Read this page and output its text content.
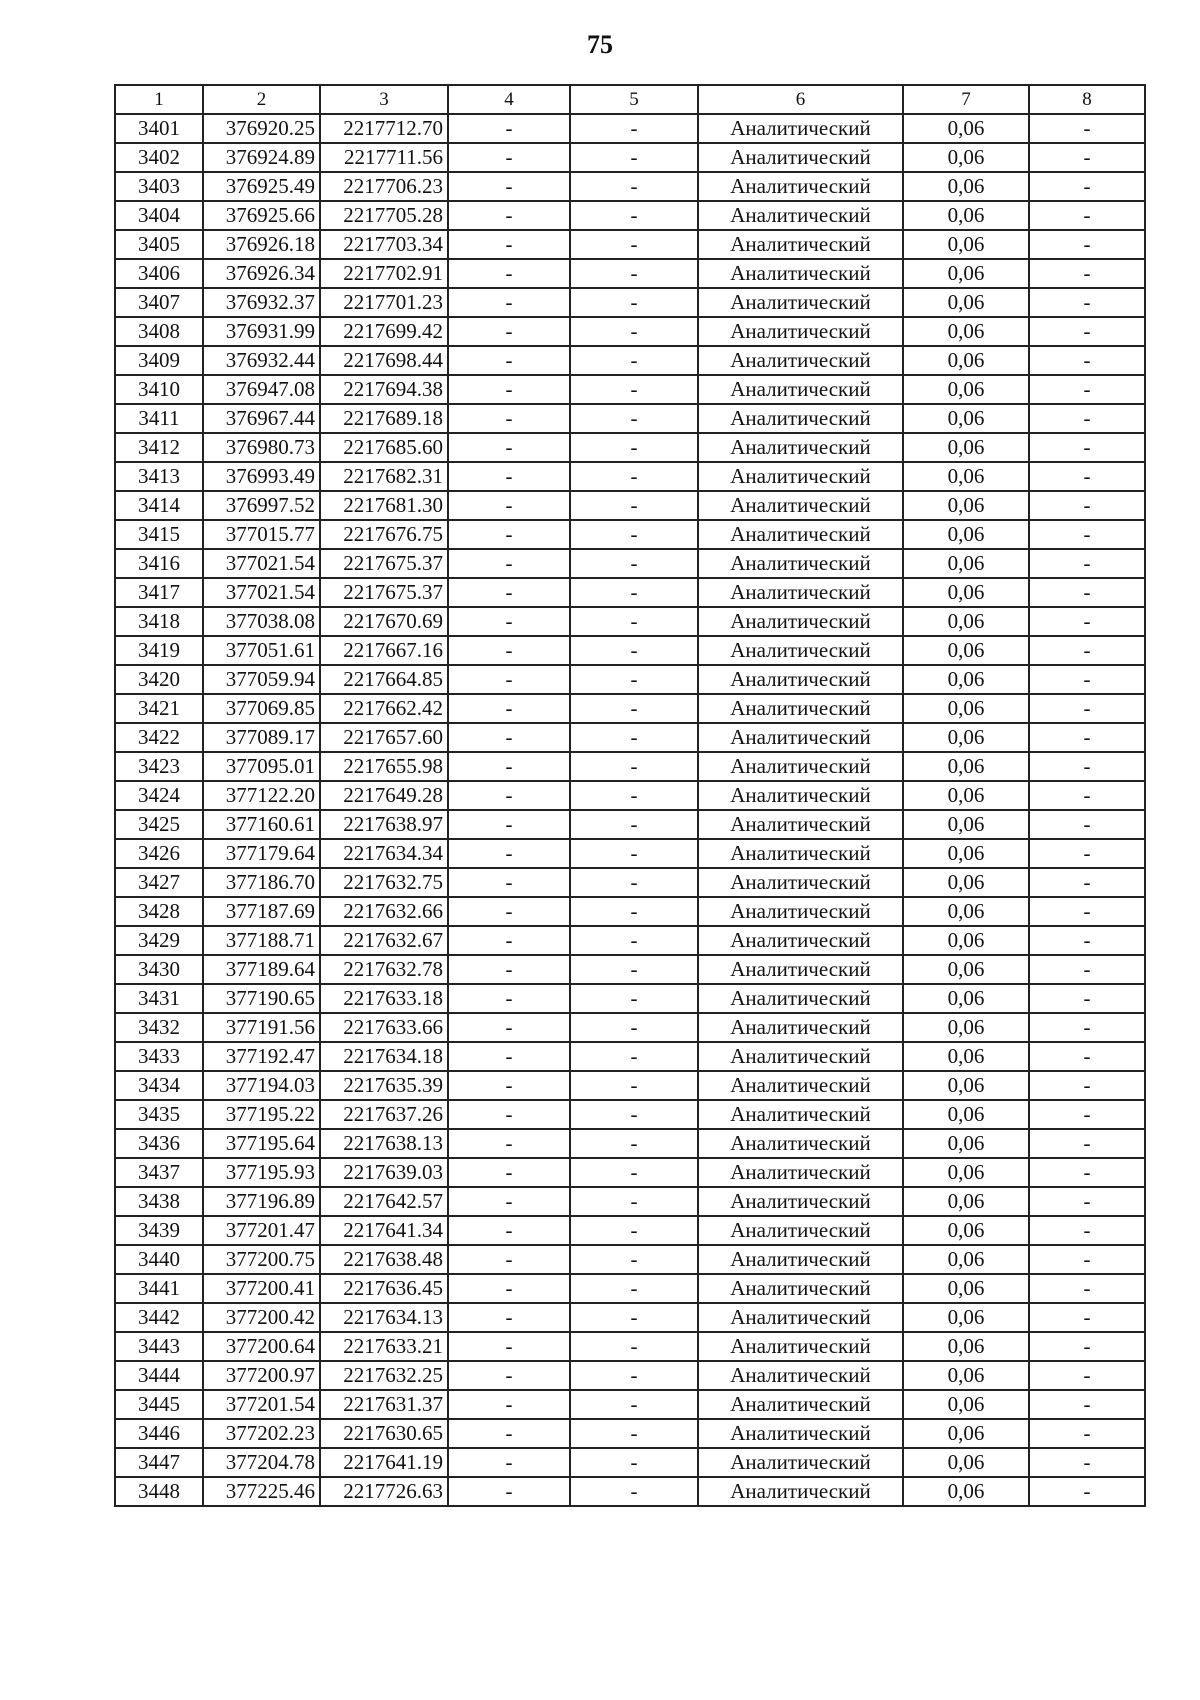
75
1	2	3	4	5	6	7	8
3401	376920.25	2217712.70	-	-	Аналитический	0,06	-
3402	376924.89	2217711.56	-	-	Аналитический	0,06	-
3403	376925.49	2217706.23	-	-	Аналитический	0,06	-
3404	376925.66	2217705.28	-	-	Аналитический	0,06	-
3405	376926.18	2217703.34	-	-	Аналитический	0,06	-
3406	376926.34	2217702.91	-	-	Аналитический	0,06	-
3407	376932.37	2217701.23	-	-	Аналитический	0,06	-
3408	376931.99	2217699.42	-	-	Аналитический	0,06	-
3409	376932.44	2217698.44	-	-	Аналитический	0,06	-
3410	376947.08	2217694.38	-	-	Аналитический	0,06	-
3411	376967.44	2217689.18	-	-	Аналитический	0,06	-
3412	376980.73	2217685.60	-	-	Аналитический	0,06	-
3413	376993.49	2217682.31	-	-	Аналитический	0,06	-
3414	376997.52	2217681.30	-	-	Аналитический	0,06	-
3415	377015.77	2217676.75	-	-	Аналитический	0,06	-
3416	377021.54	2217675.37	-	-	Аналитический	0,06	-
3417	377021.54	2217675.37	-	-	Аналитический	0,06	-
3418	377038.08	2217670.69	-	-	Аналитический	0,06	-
3419	377051.61	2217667.16	-	-	Аналитический	0,06	-
3420	377059.94	2217664.85	-	-	Аналитический	0,06	-
3421	377069.85	2217662.42	-	-	Аналитический	0,06	-
3422	377089.17	2217657.60	-	-	Аналитический	0,06	-
3423	377095.01	2217655.98	-	-	Аналитический	0,06	-
3424	377122.20	2217649.28	-	-	Аналитический	0,06	-
3425	377160.61	2217638.97	-	-	Аналитический	0,06	-
3426	377179.64	2217634.34	-	-	Аналитический	0,06	-
3427	377186.70	2217632.75	-	-	Аналитический	0,06	-
3428	377187.69	2217632.66	-	-	Аналитический	0,06	-
3429	377188.71	2217632.67	-	-	Аналитический	0,06	-
3430	377189.64	2217632.78	-	-	Аналитический	0,06	-
3431	377190.65	2217633.18	-	-	Аналитический	0,06	-
3432	377191.56	2217633.66	-	-	Аналитический	0,06	-
3433	377192.47	2217634.18	-	-	Аналитический	0,06	-
3434	377194.03	2217635.39	-	-	Аналитический	0,06	-
3435	377195.22	2217637.26	-	-	Аналитический	0,06	-
3436	377195.64	2217638.13	-	-	Аналитический	0,06	-
3437	377195.93	2217639.03	-	-	Аналитический	0,06	-
3438	377196.89	2217642.57	-	-	Аналитический	0,06	-
3439	377201.47	2217641.34	-	-	Аналитический	0,06	-
3440	377200.75	2217638.48	-	-	Аналитический	0,06	-
3441	377200.41	2217636.45	-	-	Аналитический	0,06	-
3442	377200.42	2217634.13	-	-	Аналитический	0,06	-
3443	377200.64	2217633.21	-	-	Аналитический	0,06	-
3444	377200.97	2217632.25	-	-	Аналитический	0,06	-
3445	377201.54	2217631.37	-	-	Аналитический	0,06	-
3446	377202.23	2217630.65	-	-	Аналитический	0,06	-
3447	377204.78	2217641.19	-	-	Аналитический	0,06	-
3448	377225.46	2217726.63	-	-	Аналитический	0,06	-
